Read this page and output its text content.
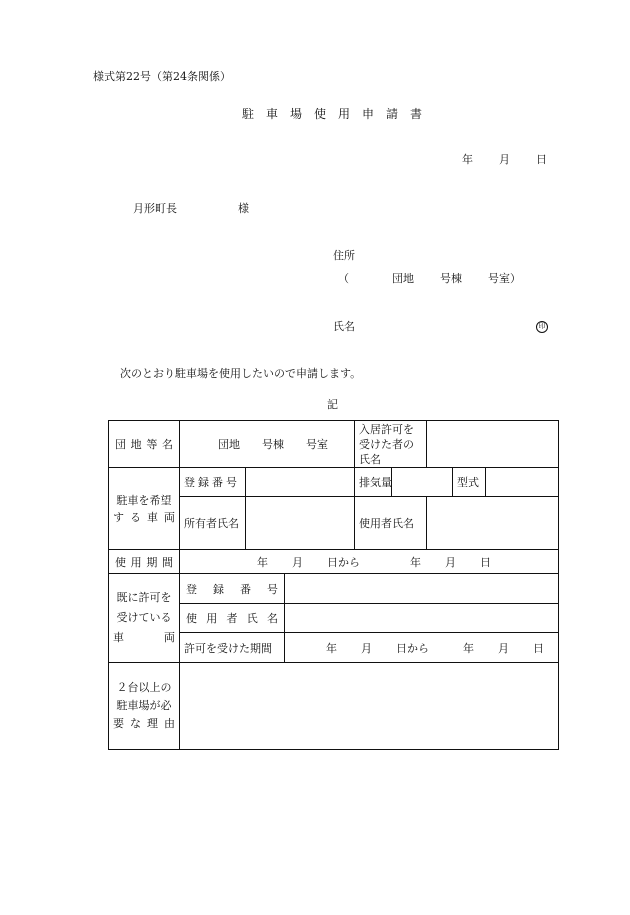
様式第22号（第24条関係）
駐車場使用申請書
年 月 日
月形町長	様
住所
（	団地 号棟 号室）
氏名	印
次のとおり駐車場を使用したいので申請します。
記
団地等名	団地 号棟 号室			入居許可を受けた者の氏名				

駐車を希望
する車両	登録番号			排気量			型式	
	所有者氏名			使用者氏名				
使用期間	年 月 日から 年 月 日							

既に許可を
受けている
車両	登録番号							
	使用者氏名							
	許可を受けた期間		年 月 日から 年 月 日					

２台以上の
駐車場が必
要な理由								
